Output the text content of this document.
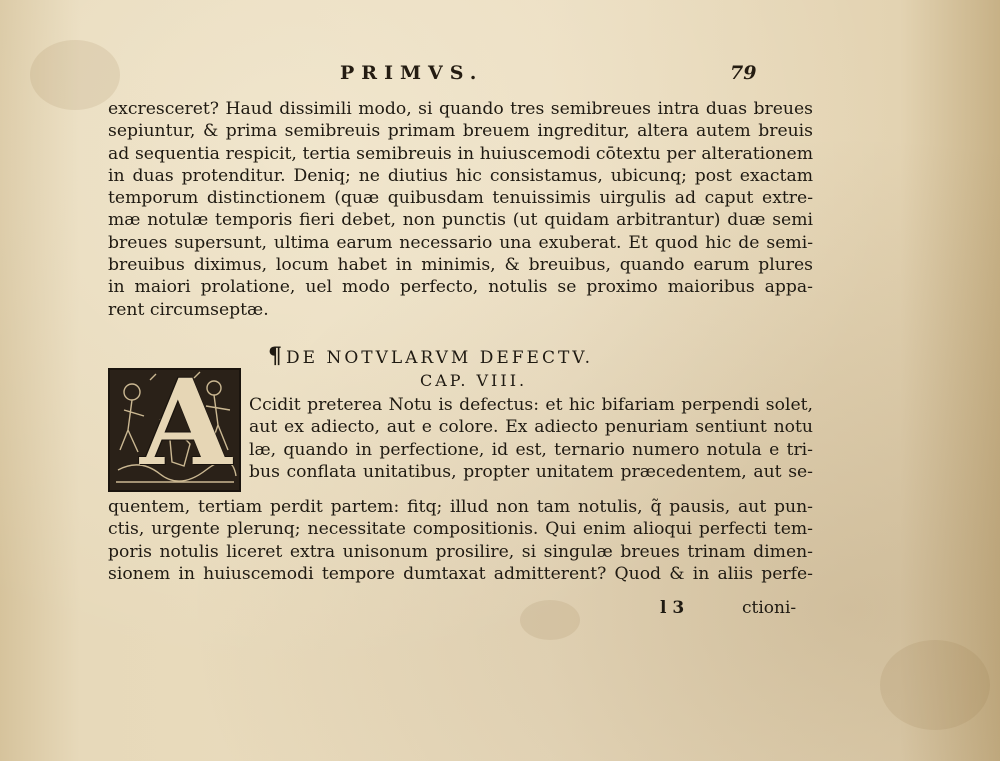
PRIMVS.	79
excresceret? Haud dissimili modo, si quando tres semibreues intra duas breues
sepiuntur, & prima semibreuis primam breuem ingreditur, altera autem breuis
ad sequentia respicit, tertia semibreuis in huiuscemodi cōtextu per alterationem
in duas protenditur. Deniq; ne diutius hic consistamus, ubicunq; post exactam
temporum distinctionem (quæ quibusdam tenuissimis uirgulis ad caput extre-
mæ notulæ temporis fieri debet, non punctis (ut quidam arbitrantur) duæ semi
breues supersunt, ultima earum necessario una exuberat. Et quod hic de semi-
breuibus diximus, locum habet in minimis, & breuibus, quando earum plures
in maiori prolatione, uel modo perfecto, notulis se proximo maioribus appa-
rent circumseptæ.
¶ DE NOTVLARVM DEFECTV.
CAP. VIII.
A Ccidit preterea Notu is defectus: et hic bifariam perpendi solet,
aut ex adiecto, aut e colore. Ex adiecto penuriam sentiunt notu
læ, quando in perfectione, id est, ternario numero notula e tri-
bus conflata unitatibus, propter unitatem præcedentem, aut se-
quentem, tertiam perdit partem: fitq; illud non tam notulis, q̃ pausis, aut pun-
ctis, urgente plerunq; necessitate compositionis. Qui enim alioqui perfecti tem-
poris notulis liceret extra unisonum prosilire, si singulæ breues trinam dimen-
sionem in huiuscemodi tempore dumtaxat admitterent? Quod & in aliis perfe-
l 3	ctioni-
